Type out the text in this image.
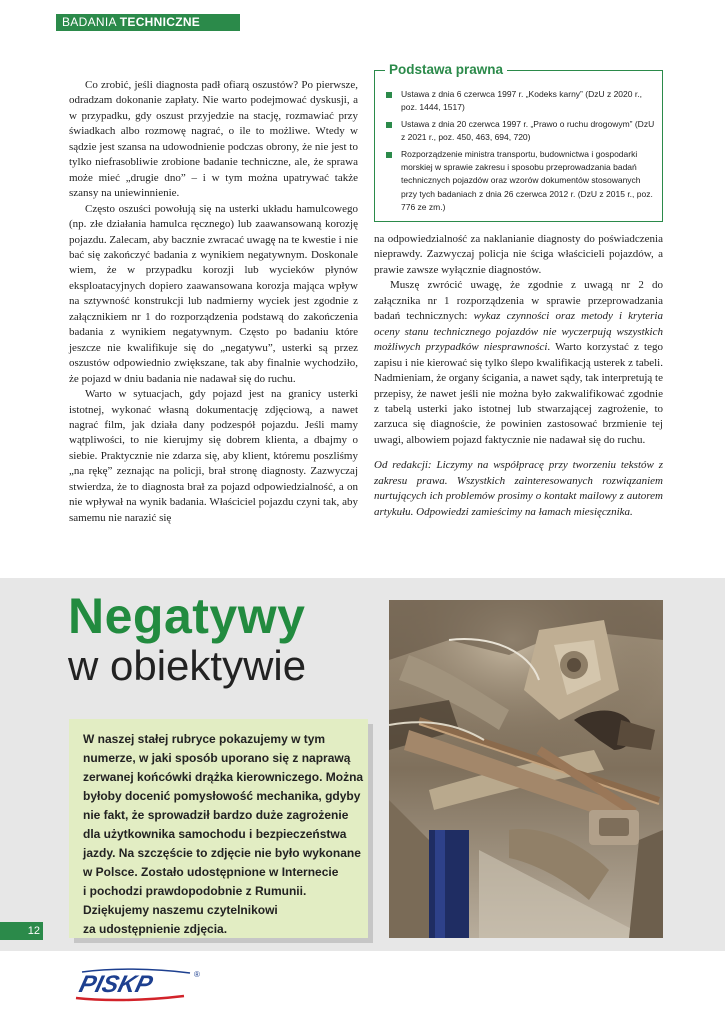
BADANIA TECHNICZNE

Co zrobić, jeśli diagnosta padł ofiarą oszustów? Po pierwsze, odradzam dokonanie zapłaty. Nie warto podejmować dyskusji, a w przypadku, gdy oszust przyjedzie na stację, rozmawiać przy świadkach albo rozmowę nagrać, o ile to możliwe. Wtedy w sądzie jest szansa na udowodnienie podczas obrony, że nie jest to tylko niefrasobliwie zrobione badanie techniczne, ale, że sprawa może mieć „drugie dno” – i w tym można upatrywać także szansy na uniewinnienie.

Często oszuści powołują się na usterki układu hamulcowego (np. złe działania hamulca ręcznego) lub zaawansowaną korozję pojazdu. Zalecam, aby bacznie zwracać uwagę na te kwestie i nie bać się zakończyć badania z wynikiem negatywnym. Doskonale wiem, że w przypadku korozji lub wycieków płynów eksploatacyjnych dopiero zaawansowana korozja mająca wpływ na sztywność konstrukcji lub nadmierny wyciek jest zgodnie z załącznikiem nr 1 do rozporządzenia podstawą do zakończenia badania z wynikiem negatywnym. Często po badaniu które jeszcze nie kwalifikuje się do „negatywu”, usterki są przez oszustów odpowiednio zwiększane, tak aby finalnie wychodziło, że pojazd w dniu badania nie nadawał się do ruchu.

Warto w sytuacjach, gdy pojazd jest na granicy usterki istotnej, wykonać własną dokumentację zdjęciową, a nawet nagrać film, jak działa dany podzespół pojazdu. Jeśli mamy wątpliwości, to nie kierujmy się dobrem klienta, a dbajmy o siebie. Praktycznie nie zdarza się, aby klient, któremu poszliśmy „na rękę” zeznając na policji, brał stronę diagnosty. Zazwyczaj stwierdza, że to diagnosta brał za pojazd odpowiedzialność, a on nie wpływał na wynik badania. Właściciel pojazdu czyni tak, aby samemu nie narazić się

Ustawa z dnia 6 czerwca 1997 r. „Kodeks karny” (DzU z 2020 r., poz. 1444, 1517)
Ustawa z dnia 20 czerwca 1997 r. „Prawo o ruchu drogowym” (DzU z 2021 r., poz. 450, 463, 694, 720)
Rozporządzenie ministra transportu, budownictwa i gospodarki morskiej w sprawie zakresu i sposobu przeprowadzania badań technicznych pojazdów oraz wzorów dokumentów stosowanych przy tych badaniach z dnia 26 czerwca 2012 r. (DzU z 2015 r., poz. 776 ze zm.)
Podstawa prawna

na odpowiedzialność za naklanianie diagnosty do poświadczenia nieprawdy. Zazwyczaj policja nie ściga właścicieli pojazdów, a prawie zawsze wyłącznie diagnostów.

Muszę zwrócić uwagę, że zgodnie z uwagą nr 2 do załącznika nr 1 rozporządzenia w sprawie przeprowadzania badań technicznych: wykaz czynności oraz metody i kryteria oceny stanu technicznego pojazdów nie wyczerpują wszystkich możliwych przypadków niesprawności. Warto korzystać z tego zapisu i nie kierować się tylko ślepo kwalifikacją usterek z tabeli. Nadmieniam, że organy ścigania, a nawet sądy, tak interpretują te przepisy, że nawet jeśli nie można było zakwalifikować zgodnie z tabelą usterki jako istotnej lub stwarzającej zagrożenie, to zarzuca się diagnoście, że powinien zastosować brzmienie tej uwagi, albowiem pojazd faktycznie nie nadawał się do ruchu.

Od redakcji: Liczymy na współpracę przy tworzeniu tekstów z zakresu prawa. Wszystkich zainteresowanych rozwiązaniem nurtujących ich problemów prosimy o kontakt mailowy z autorem artykułu. Odpowiedzi zamieścimy na łamach miesięcznika.

Negatywy
w obiektywie
W naszej stałej rubryce pokazujemy w tym
numerze, w jaki sposób uporano się z naprawą
zerwanej końcówki drążka kierowniczego. Można
byłoby docenić pomysłowość mechanika, gdyby
nie fakt, że sprowadził bardzo duże zagrożenie
dla użytkownika samochodu i bezpieczeństwa
jazdy. Na szczęście to zdjęcie nie było wykonane
w Polsce. Zostało udostępnione w Internecie
i pochodzi prawdopodobnie z Rumunii.
Dziękujemy naszemu czytelnikowi
za udostępnienie zdjęcia.
12
PISKP	®
